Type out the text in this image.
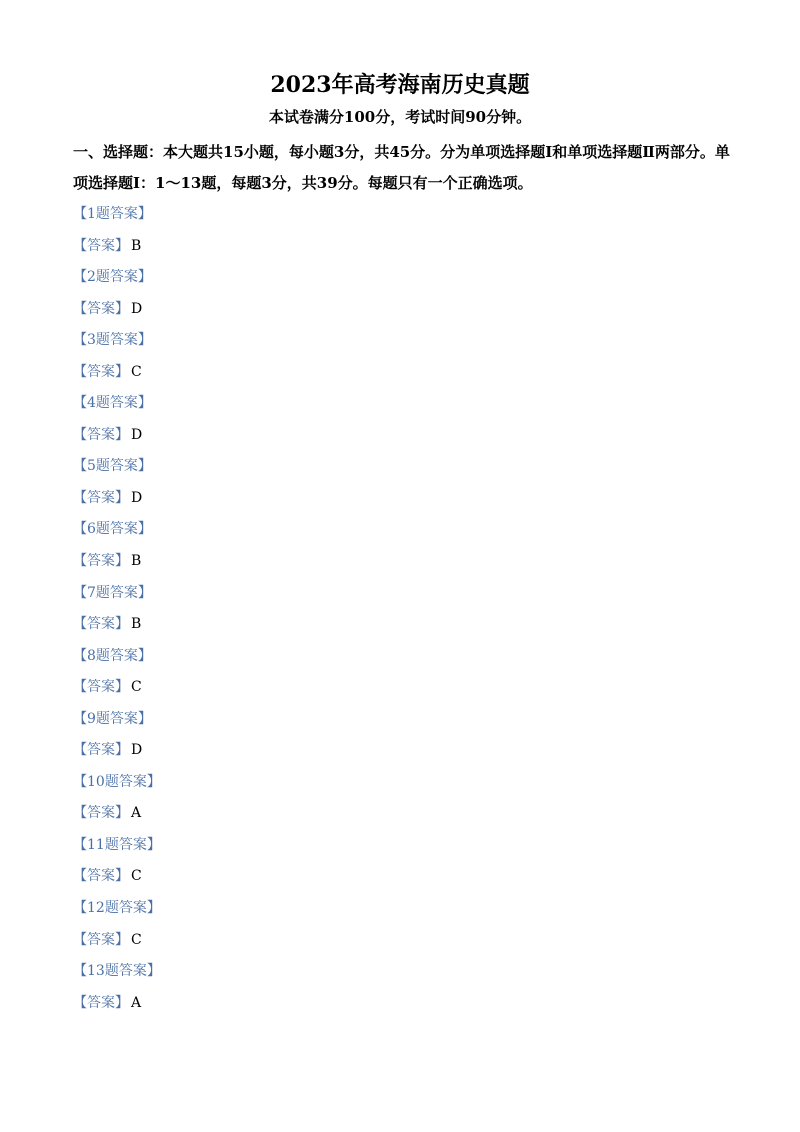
2023年高考海南历史真题

本试卷满分100分，考试时间90分钟。

一、选择题：本大题共15小题，每小题3分，共45分。分为单项选择题Ⅰ和单项选择题Ⅱ两部分。单项选择题Ⅰ：1～13题，每题3分，共39分。每题只有一个正确选项。

【1题答案】
【答案】 B
【2题答案】
【答案】 D
【3题答案】
【答案】 C
【4题答案】
【答案】 D
【5题答案】
【答案】 D
【6题答案】
【答案】 B
【7题答案】
【答案】 B
【8题答案】
【答案】 C
【9题答案】
【答案】 D
【10题答案】
【答案】 A
【11题答案】
【答案】 C
【12题答案】
【答案】 C
【13题答案】
【答案】 A
